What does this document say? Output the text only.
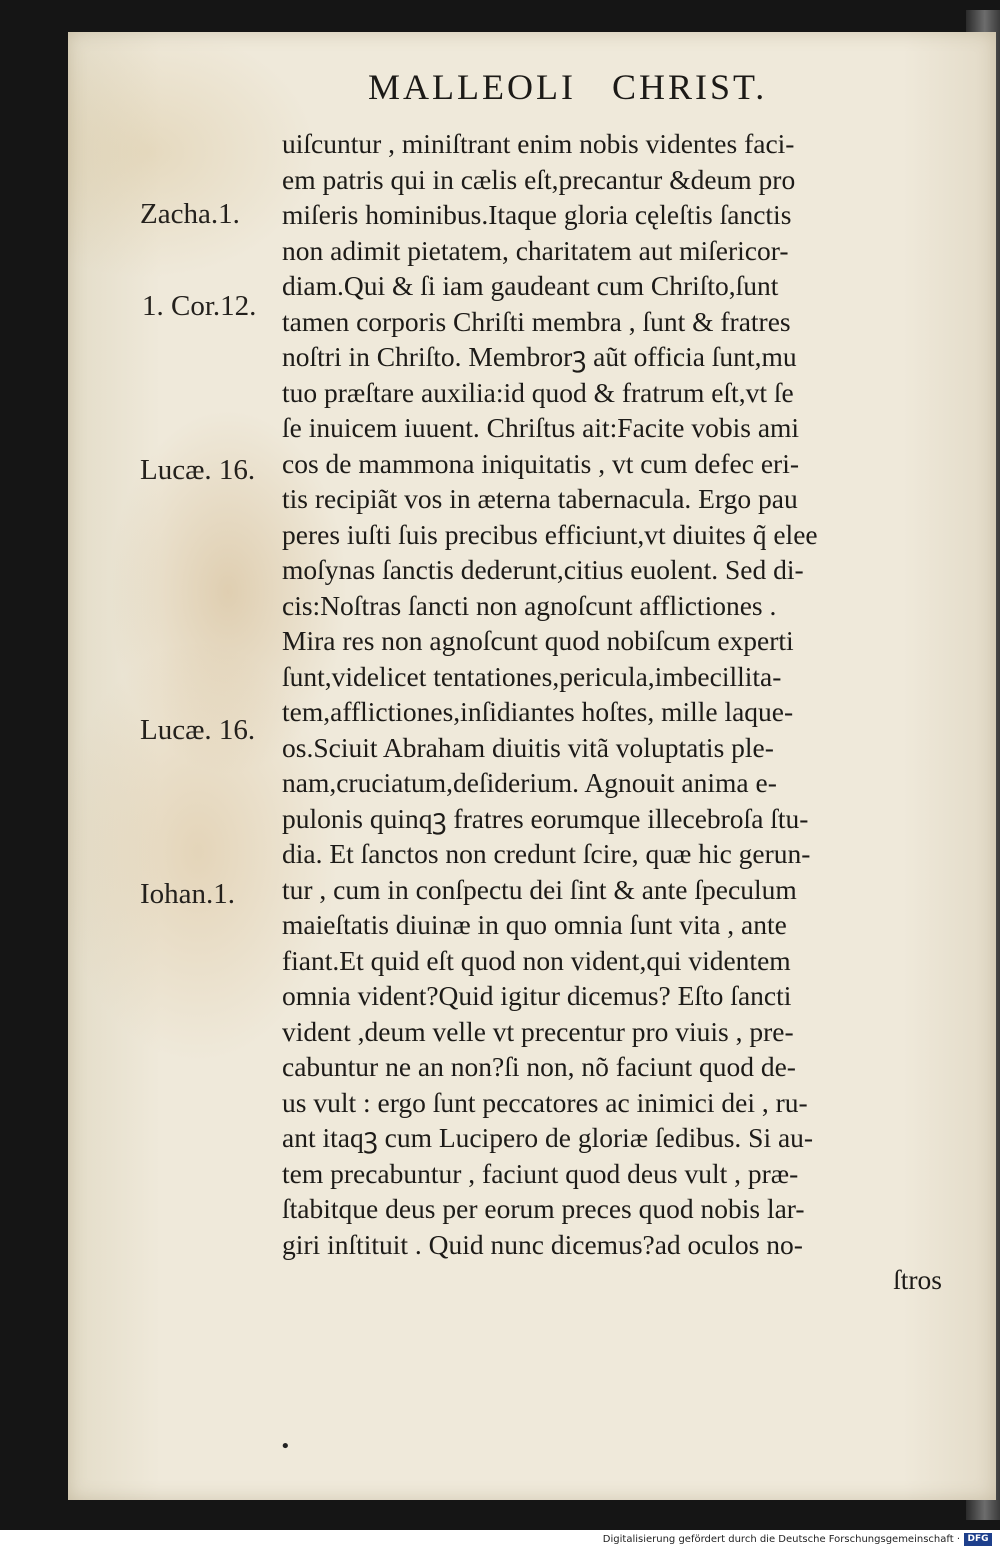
MALLEOLI   CHRIST.
Zacha.1.
1. Cor.12.
Lucæ. 16.
Lucæ. 16.
Iohan.1.
uiſcuntur , miniſtrant enim nobis videntes faci-
em patris qui in cælis eſt,precantur &deum pro
miſeris hominibus.Itaque gloria cęleſtis ſanctis
non adimit pietatem, charitatem aut miſericor-
diam.Qui & ſi iam gaudeant cum Chriſto,ſunt
tamen corporis Chriſti membra , ſunt & fratres
noſtri in Chriſto. Membrorꝫ aũt officia ſunt,mu
tuo præſtare auxilia:id quod & fratrum eſt,vt ſe
ſe inuicem iuuent. Chriſtus ait:Facite vobis ami
cos de mammona iniquitatis , vt cum defec eri-
tis recipiãt vos in æterna tabernacula. Ergo pau
peres iuſti ſuis precibus efficiunt,vt diuites q̃ elee
moſynas ſanctis dederunt,citius euolent. Sed di-
cis:Noſtras ſancti non agnoſcunt afflictiones .
Mira res non agnoſcunt quod nobiſcum experti
ſunt,videlicet tentationes,pericula,imbecillita-
tem,afflictiones,inſidiantes hoſtes, mille laque-
os.Sciuit Abraham diuitis vitã voluptatis ple-
nam,cruciatum,deſiderium. Agnouit anima e-
pulonis quinqꝫ fratres eorumque illecebroſa ſtu-
dia. Et ſanctos non credunt ſcire, quæ hic gerun-
tur , cum in conſpectu dei ſint & ante ſpeculum
maieſtatis diuinæ in quo omnia ſunt vita , ante
fiant.Et quid eſt quod non vident,qui videntem
omnia vident?Quid igitur dicemus? Eſto ſancti
vident ,deum velle vt precentur pro viuis , pre-
cabuntur ne an non?ſi non, nõ faciunt quod de-
us vult : ergo ſunt peccatores ac inimici dei , ru-
ant itaqꝫ cum Lucipero de gloriæ ſedibus. Si au-
tem precabuntur , faciunt quod deus vult , præ-
ſtabitque deus per eorum preces quod nobis lar-
giri inſtituit . Quid nunc dicemus?ad oculos no-
ſtros
•
Digitalisierung gefördert durch die Deutsche Forschungsgemeinschaft · DFG
